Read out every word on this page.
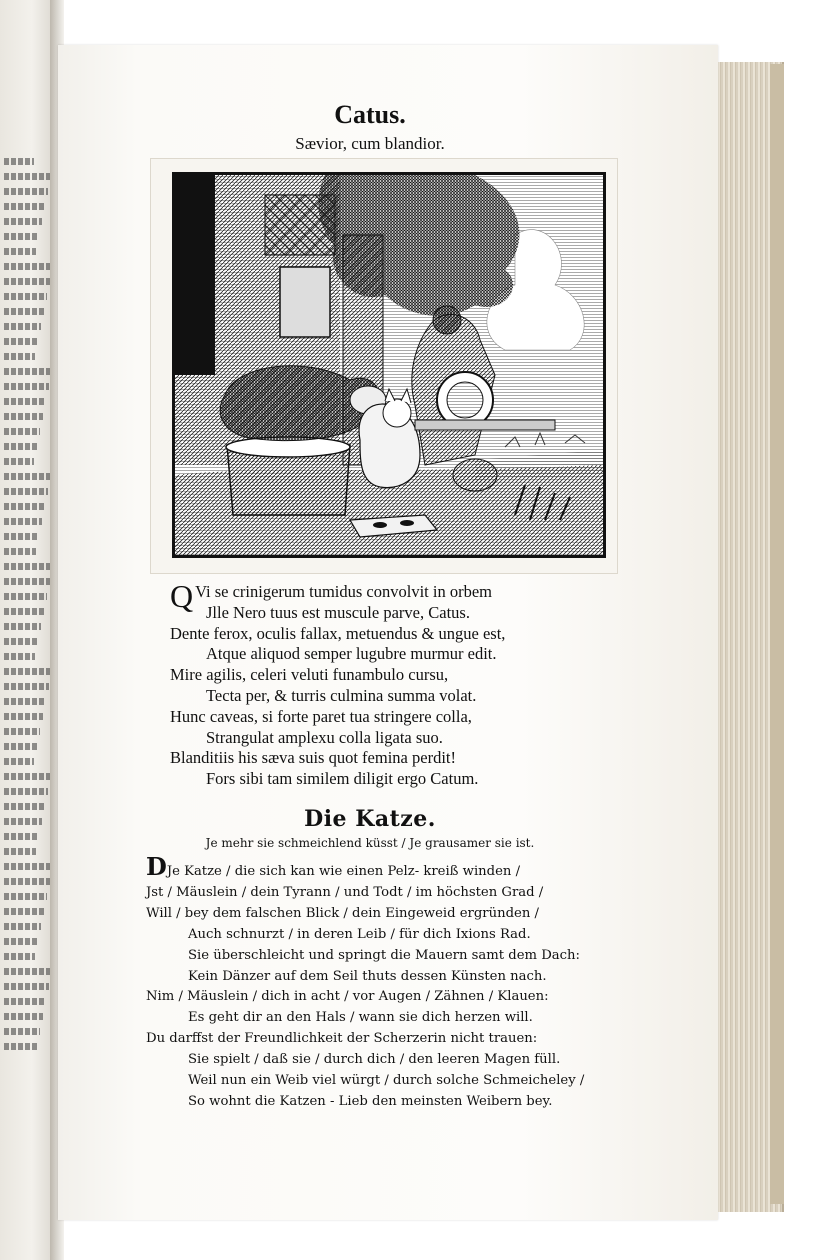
Catus.
Sævior, cum blandior.
Q Vi se crinigerum tumidus convolvit in orbem
Jlle Nero tuus est muscule parve, Catus.
Dente ferox, oculis fallax, metuendus & ungue est,
Atque aliquod semper lugubre murmur edit.
Mire agilis, celeri veluti funambulo cursu,
Tecta per, & turris culmina summa volat.
Hunc caveas, si forte paret tua stringere colla,
Strangulat amplexu colla ligata suo.
Blanditiis his sæva suis quot femina perdit!
Fors sibi tam similem diligit ergo Catum.
Die Katze.
Je mehr sie schmeichlend küsst / Je grausamer sie ist.
DJe Katze / die sich kan wie einen Pelz- kreiß winden /
Jst / Mäuslein / dein Tyrann / und Todt / im höchsten Grad /
Will / bey dem falschen Blick / dein Eingeweid ergründen /
Auch schnurzt / in deren Leib / für dich Ixions Rad.
Sie überschleicht und springt die Mauern samt dem Dach:
Kein Dänzer auf dem Seil thuts dessen Künsten nach.
Nim / Mäuslein / dich in acht / vor Augen / Zähnen / Klauen:
Es geht dir an den Hals / wann sie dich herzen will.
Du darffst der Freundlichkeit der Scherzerin nicht trauen:
Sie spielt / daß sie / durch dich / den leeren Magen füll.
Weil nun ein Weib viel würgt / durch solche Schmeicheley /
So wohnt die Katzen - Lieb den meinsten Weibern bey.
